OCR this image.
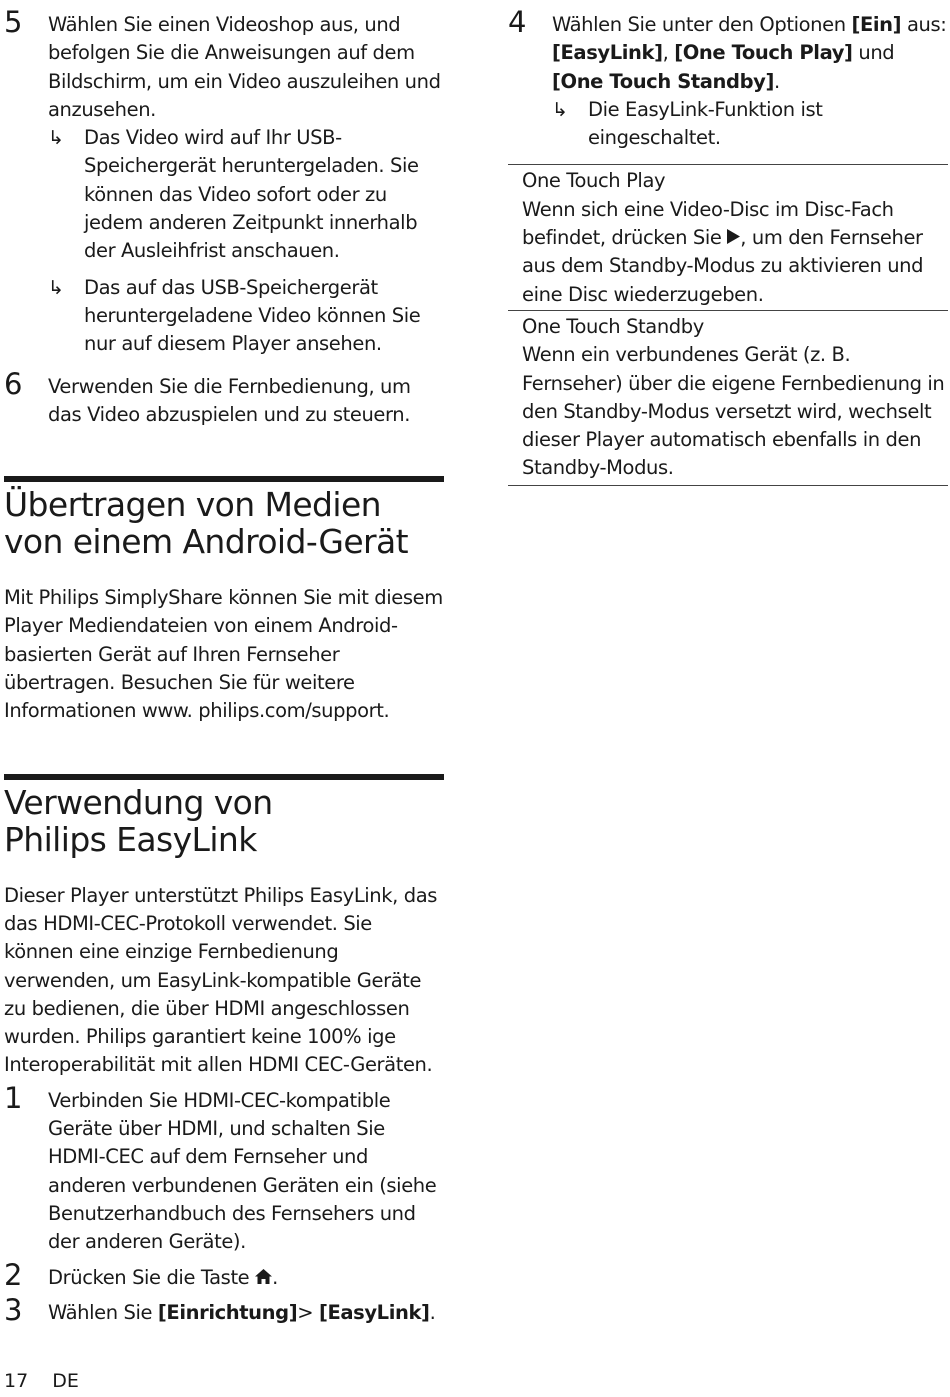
5 Wählen Sie einen Videoshop aus, und befolgen Sie die Anweisungen auf dem Bildschirm, um ein Video auszuleihen und anzusehen.
↳ Das Video wird auf Ihr USB-Speichergerät heruntergeladen. Sie können das Video sofort oder zu jedem anderen Zeitpunkt innerhalb der Ausleihfrist anschauen.
↳ Das auf das USB-Speichergerät heruntergeladene Video können Sie nur auf diesem Player ansehen.
6 Verwenden Sie die Fernbedienung, um das Video abzuspielen und zu steuern.
Übertragen von Medien von einem Android-Gerät

Mit Philips SimplyShare können Sie mit diesem Player Mediendateien von einem Android-basierten Gerät auf Ihren Fernseher übertragen. Besuchen Sie für weitere Informationen www. philips.com/support.

Verwendung von
Philips EasyLink

Dieser Player unterstützt Philips EasyLink, das das HDMI-CEC-Protokoll verwendet. Sie können eine einzige Fernbedienung verwenden, um EasyLink-kompatible Geräte zu bedienen, die über HDMI angeschlossen wurden. Philips garantiert keine 100% ige Interoperabilität mit allen HDMI CEC-Geräten.

1 Verbinden Sie HDMI-CEC-kompatible Geräte über HDMI, und schalten Sie HDMI-CEC auf dem Fernseher und anderen verbundenen Geräten ein (siehe Benutzerhandbuch des Fernsehers und der anderen Geräte).
2 Drücken Sie die Taste .
3 Wählen Sie [Einrichtung]> [EasyLink].
4 Wählen Sie unter den Optionen [Ein] aus: [EasyLink], [One Touch Play] und [One Touch Standby].
↳ Die EasyLink-Funktion ist eingeschaltet.
One Touch Play
Wenn sich eine Video-Disc im Disc-Fach befindet, drücken Sie , um den Fernseher aus dem Standby-Modus zu aktivieren und eine Disc wiederzugeben.
One Touch Standby
Wenn ein verbundenes Gerät (z. B. Fernseher) über die eigene Fernbedienung in den Standby-Modus versetzt wird, wechselt dieser Player automatisch ebenfalls in den Standby-Modus.
17 DE
